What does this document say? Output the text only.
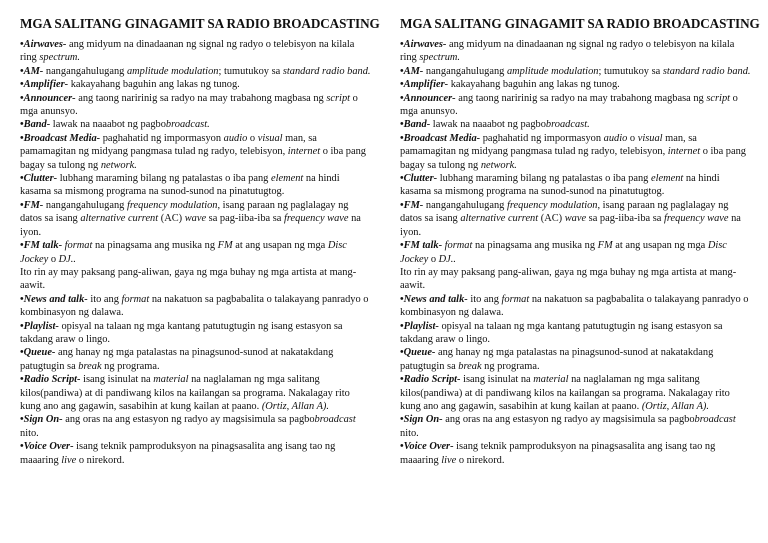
MGA SALITANG GINAGAMIT SA RADIO BROADCASTING

•Airwaves- ang midyum na dinadaanan ng signal ng radyo o telebisyon na kilala ring spectrum.

•AM- nangangahulugang amplitude modulation; tumutukoy sa standard radio band.

•Amplifier- kakayahang baguhin ang lakas ng tunog.

•Announcer- ang taong naririnig sa radyo na may trabahong magbasa ng script o mga anunsyo.

•Band- lawak na naaabot ng pagbobroadcast.

•Broadcast Media- paghahatid ng impormasyon audio o visual man, sa pamamagitan ng midyang pangmasa tulad ng radyo, telebisyon, internet o iba pang bagay sa tulong ng network.

•Clutter- lubhang maraming bilang ng patalastas o iba pang element na hindi kasama sa mismong programa na sunod-sunod na pinatutugtog.

•FM- nangangahulugang frequency modulation, isang paraan ng paglalagay ng datos sa isang alternative current (AC) wave sa pag-iiba-iba sa frequency wave na iyon.

•FM talk- format na pinagsama ang musika ng FM at ang usapan ng mga Disc Jockey o DJ..

Ito rin ay may paksang pang-aliwan, gaya ng mga buhay ng mga artista at mang-aawit.

•News and talk- ito ang format na nakatuon sa pagbabalita o talakayang panradyo o kombinasyon ng dalawa.

•Playlist- opisyal na talaan ng mga kantang patutugtugin ng isang estasyon sa takdang araw o lingo.

•Queue- ang hanay ng mga patalastas na pinagsunod-sunod at nakatakdang patugtugin sa break ng programa.

•Radio Script- isang isinulat na material na naglalaman ng mga salitang kilos(pandiwa) at di pandiwang kilos na kailangan sa programa. Nakalagay rito kung ano ang gagawin, sasabihin at kung kailan at paano. (Ortiz, Allan A).

•Sign On- ang oras na ang estasyon ng radyo ay magsisimula sa pagbobroadcast nito.

•Voice Over- isang teknik pamproduksyon na pinagsasalita ang isang tao ng maaaring live o nirekord.

MGA SALITANG GINAGAMIT SA RADIO BROADCASTING

•Airwaves- ang midyum na dinadaanan ng signal ng radyo o telebisyon na kilala ring spectrum.

•AM- nangangahulugang amplitude modulation; tumutukoy sa standard radio band.

•Amplifier- kakayahang baguhin ang lakas ng tunog.

•Announcer- ang taong naririnig sa radyo na may trabahong magbasa ng script o mga anunsyo.

•Band- lawak na naaabot ng pagbobroadcast.

•Broadcast Media- paghahatid ng impormasyon audio o visual man, sa pamamagitan ng midyang pangmasa tulad ng radyo, telebisyon, internet o iba pang bagay sa tulong ng network.

•Clutter- lubhang maraming bilang ng patalastas o iba pang element na hindi kasama sa mismong programa na sunod-sunod na pinatutugtog.

•FM- nangangahulugang frequency modulation, isang paraan ng paglalagay ng datos sa isang alternative current (AC) wave sa pag-iiba-iba sa frequency wave na iyon.

•FM talk- format na pinagsama ang musika ng FM at ang usapan ng mga Disc Jockey o DJ..

Ito rin ay may paksang pang-aliwan, gaya ng mga buhay ng mga artista at mang-aawit.

•News and talk- ito ang format na nakatuon sa pagbabalita o talakayang panradyo o kombinasyon ng dalawa.

•Playlist- opisyal na talaan ng mga kantang patutugtugin ng isang estasyon sa takdang araw o lingo.

•Queue- ang hanay ng mga patalastas na pinagsunod-sunod at nakatakdang patugtugin sa break ng programa.

•Radio Script- isang isinulat na material na naglalaman ng mga salitang kilos(pandiwa) at di pandiwang kilos na kailangan sa programa. Nakalagay rito kung ano ang gagawin, sasabihin at kung kailan at paano. (Ortiz, Allan A).

•Sign On- ang oras na ang estasyon ng radyo ay magsisimula sa pagbobroadcast nito.

•Voice Over- isang teknik pamproduksyon na pinagsasalita ang isang tao ng maaaring live o nirekord.
